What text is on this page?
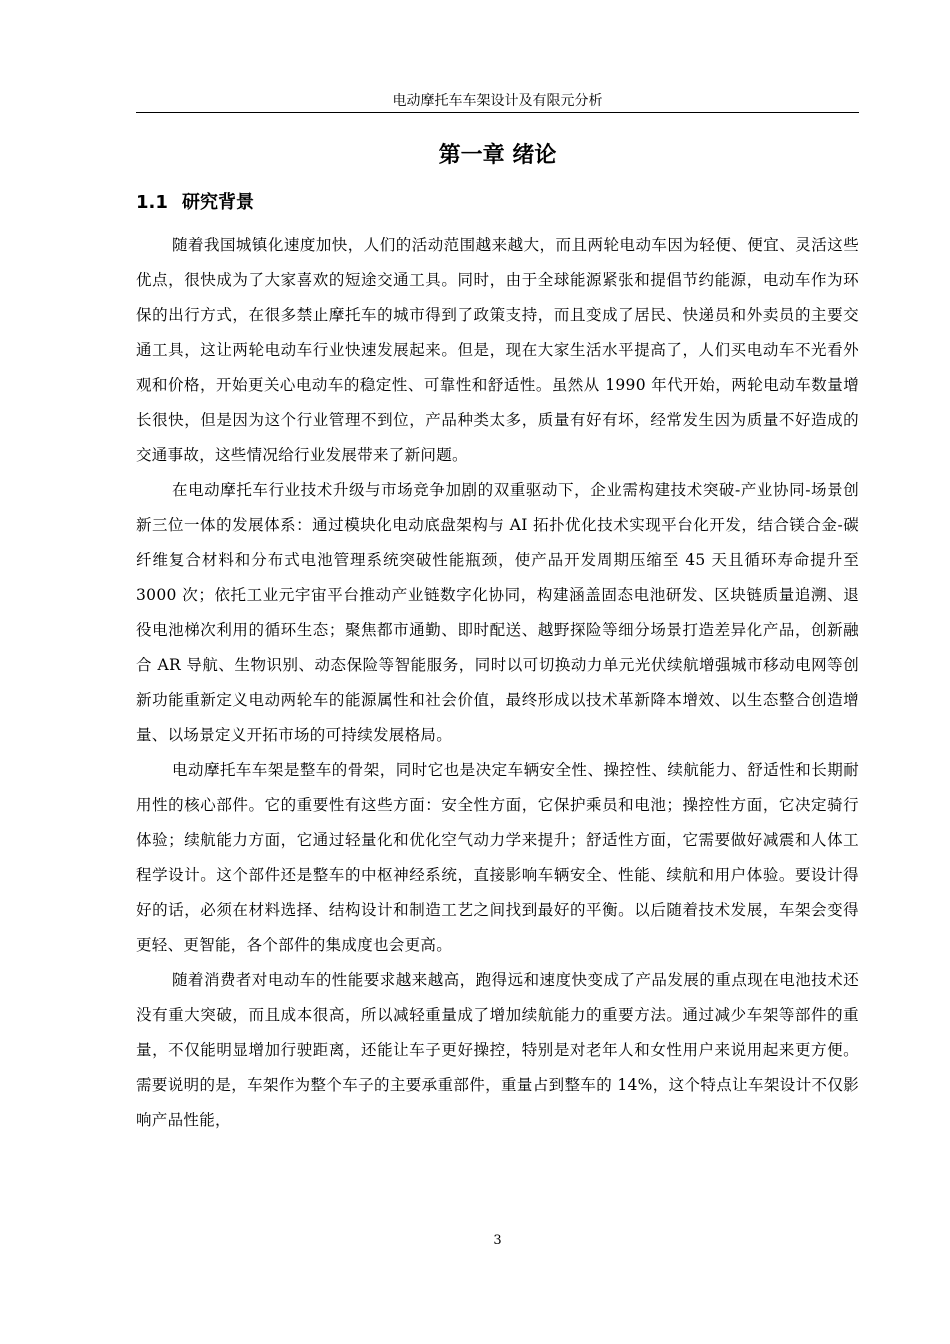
电动摩托车车架设计及有限元分析
第一章 绪论
1.1 研究背景

随着我国城镇化速度加快，人们的活动范围越来越大，而且两轮电动车因为轻便、便宜、灵活这些优点，很快成为了大家喜欢的短途交通工具。同时，由于全球能源紧张和提倡节约能源，电动车作为环保的出行方式，在很多禁止摩托车的城市得到了政策支持，而且变成了居民、快递员和外卖员的主要交通工具，这让两轮电动车行业快速发展起来。但是，现在大家生活水平提高了，人们买电动车不光看外观和价格，开始更关心电动车的稳定性、可靠性和舒适性。虽然从 1990 年代开始，两轮电动车数量增长很快，但是因为这个行业管理不到位，产品种类太多，质量有好有坏，经常发生因为质量不好造成的交通事故，这些情况给行业发展带来了新问题。

在电动摩托车行业技术升级与市场竞争加剧的双重驱动下，企业需构建技术突破-产业协同-场景创新三位一体的发展体系：通过模块化电动底盘架构与 AI 拓扑优化技术实现平台化开发，结合镁合金-碳纤维复合材料和分布式电池管理系统突破性能瓶颈，使产品开发周期压缩至 45 天且循环寿命提升至 3000 次；依托工业元宇宙平台推动产业链数字化协同，构建涵盖固态电池研发、区块链质量追溯、退役电池梯次利用的循环生态；聚焦都市通勤、即时配送、越野探险等细分场景打造差异化产品，创新融合 AR 导航、生物识别、动态保险等智能服务，同时以可切换动力单元光伏续航增强城市移动电网等创新功能重新定义电动两轮车的能源属性和社会价值，最终形成以技术革新降本增效、以生态整合创造增量、以场景定义开拓市场的可持续发展格局。

电动摩托车车架是整车的骨架，同时它也是决定车辆安全性、操控性、续航能力、舒适性和长期耐用性的核心部件。它的重要性有这些方面：安全性方面，它保护乘员和电池；操控性方面，它决定骑行体验；续航能力方面，它通过轻量化和优化空气动力学来提升；舒适性方面，它需要做好减震和人体工程学设计。这个部件还是整车的中枢神经系统，直接影响车辆安全、性能、续航和用户体验。要设计得好的话，必须在材料选择、结构设计和制造工艺之间找到最好的平衡。以后随着技术发展，车架会变得更轻、更智能，各个部件的集成度也会更高。

随着消费者对电动车的性能要求越来越高，跑得远和速度快变成了产品发展的重点现在电池技术还没有重大突破，而且成本很高，所以减轻重量成了增加续航能力的重要方法。通过减少车架等部件的重量，不仅能明显增加行驶距离，还能让车子更好操控，特别是对老年人和女性用户来说用起来更方便。需要说明的是，车架作为整个车子的主要承重部件，重量占到整车的 14%，这个特点让车架设计不仅影响产品性能，

3
